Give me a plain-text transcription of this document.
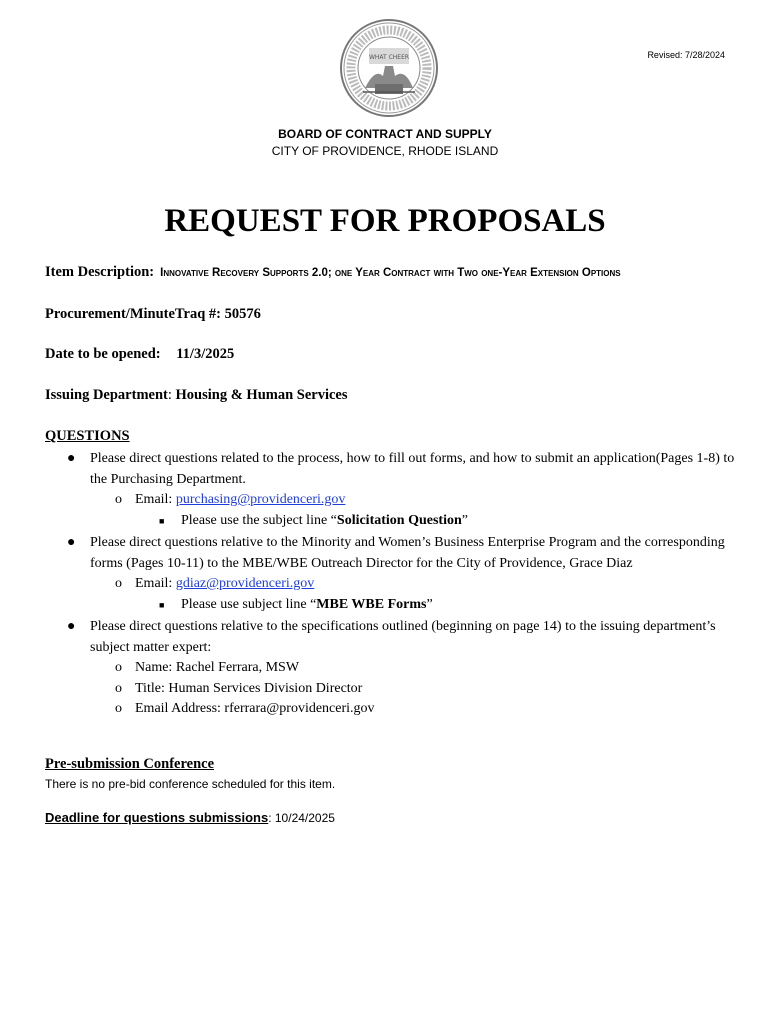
WHAT CHEER	Revised: 7/28/2024
BOARD OF CONTRACT AND SUPPLY
CITY OF PROVIDENCE, RHODE ISLAND
REQUEST FOR PROPOSALS
Item Description: Innovative Recovery Supports 2.0; one Year Contract with Two one-Year Extension Options
Procurement/MinuteTraq #: 50576
Date to be opened: 11/3/2025
Issuing Department: Housing & Human Services
QUESTIONS
● Please direct questions related to the process, how to fill out forms, and how to submit an application(Pages 1-8) to the Purchasing Department.
o Email: purchasing@providenceri.gov
■ Please use the subject line “Solicitation Question”
● Please direct questions relative to the Minority and Women’s Business Enterprise Program and the corresponding forms (Pages 10-11) to the MBE/WBE Outreach Director for the City of Providence, Grace Diaz
o Email: gdiaz@providenceri.gov
■ Please use subject line “MBE WBE Forms”
● Please direct questions relative to the specifications outlined (beginning on page 14) to the issuing department’s subject matter expert:
o Name: Rachel Ferrara, MSW
o Title: Human Services Division Director
o Email Address: rferrara@providenceri.gov
Pre-submission Conference
There is no pre-bid conference scheduled for this item.
Deadline for questions submissions: 10/24/2025
